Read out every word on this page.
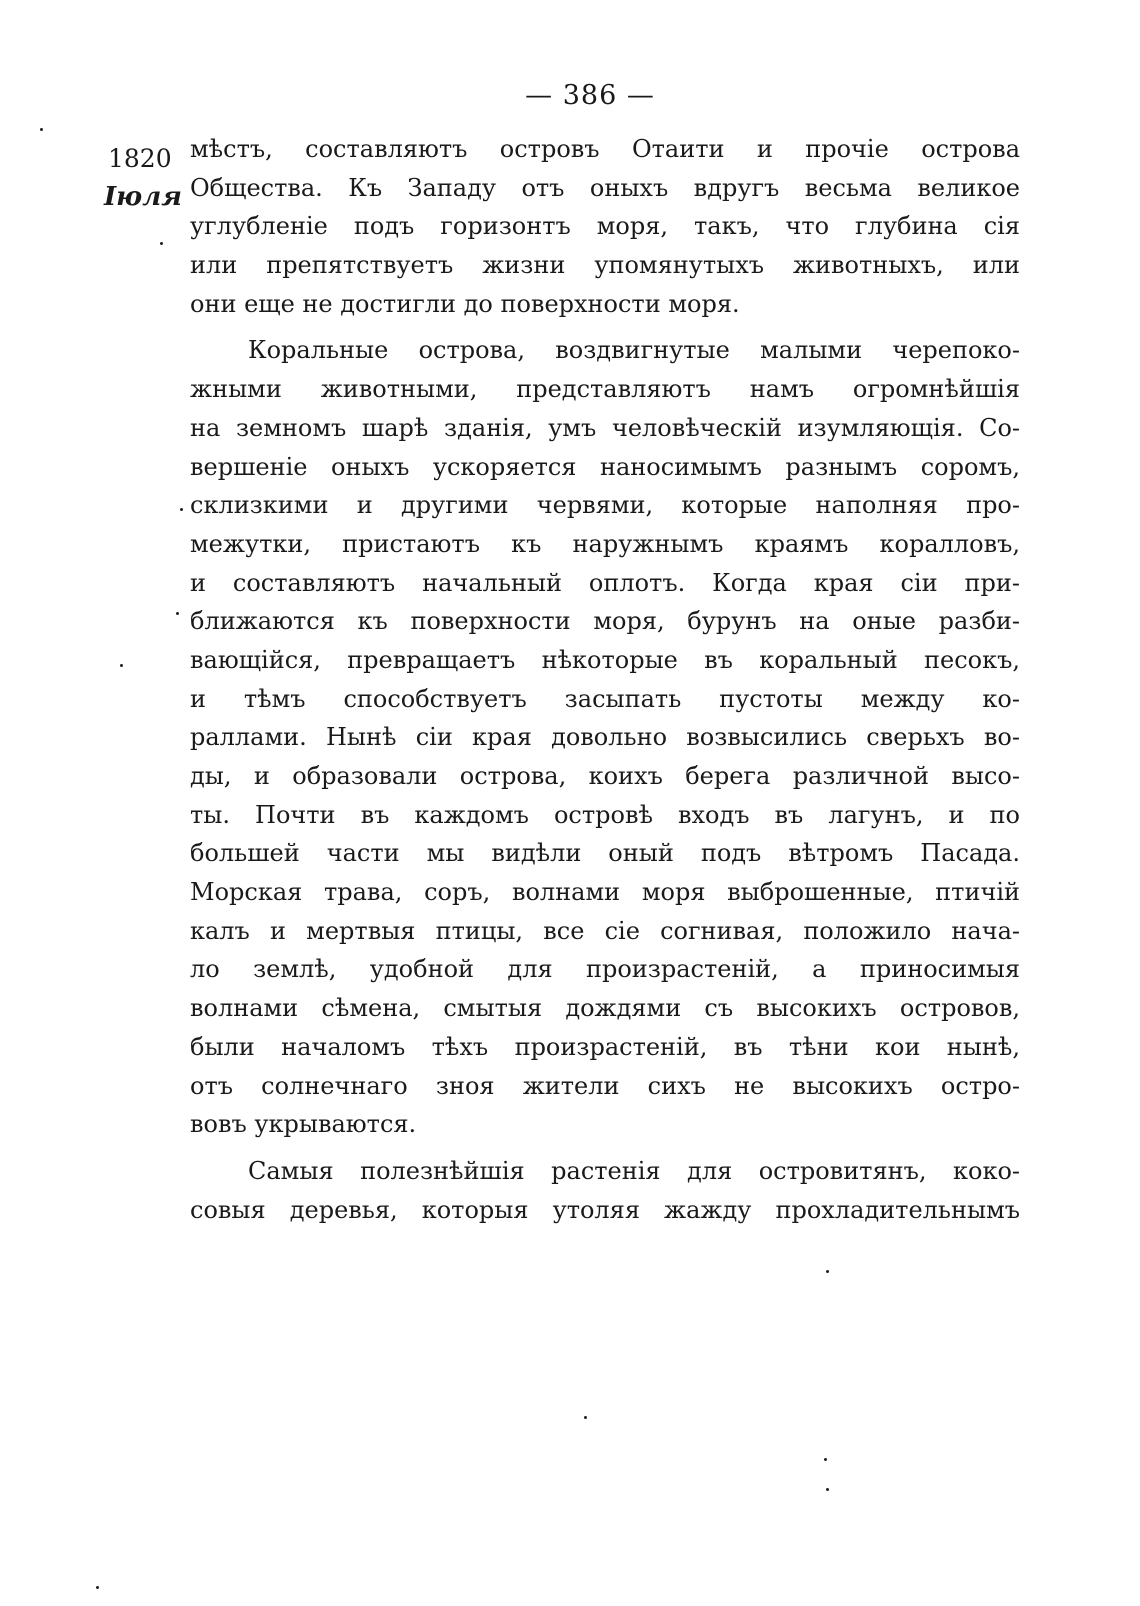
— 386 —
1820
Іюля
мѣстъ, составляютъ островъ Отаити и прочіе острова
Общества. Къ Западу отъ оныхъ вдругъ весьма великое
углубленіе подъ горизонтъ моря, такъ, что глубина сія
или препятствуетъ жизни упомянутыхъ животныхъ, или
они еще не достигли до поверхности моря.
Коральные острова, воздвигнутые малыми черепоко-
жными животными, представляютъ намъ огромнѣйшія
на земномъ шарѣ зданія, умъ человѣческій изумляющія. Со-
вершеніе оныхъ ускоряется наносимымъ разнымъ соромъ,
склизкими и другими червями, которые наполняя про-
межутки, пристаютъ къ наружнымъ краямъ коралловъ,
и составляютъ начальный оплотъ. Когда края сіи при-
ближаются къ поверхности моря, бурунъ на оные разби-
вающійся, превращаетъ нѣкоторые въ коральный песокъ,
и тѣмъ способствуетъ засыпать пустоты между ко-
раллами. Нынѣ сіи края довольно возвысились сверьхъ во-
ды, и образовали острова, коихъ берега различной высо-
ты. Почти въ каждомъ островѣ входъ въ лагунъ, и по
большей части мы видѣли оный подъ вѣтромъ Пасада.
Морская трава, соръ, волнами моря выброшенные, птичій
калъ и мертвыя птицы, все сіе согнивая, положило нача-
ло землѣ, удобной для произрастеній, а приносимыя
волнами сѣмена, смытыя дождями съ высокихъ островов,
были началомъ тѣхъ произрастеній, въ тѣни кои нынѣ,
отъ солнечнаго зноя жители сихъ не высокихъ остро-
вовъ укрываются.
Самыя полезнѣйшія растенія для островитянъ, коко-
совыя деревья, которыя утоляя жажду прохладительнымъ
